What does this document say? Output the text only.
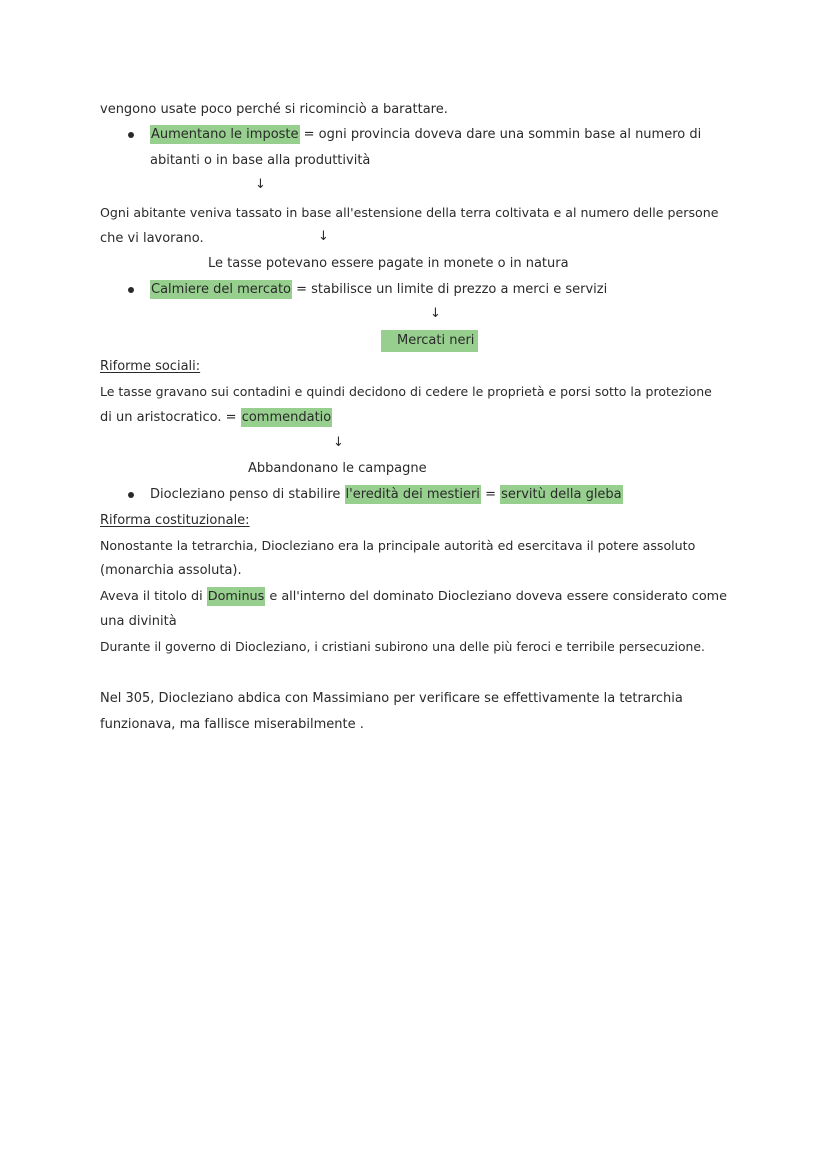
vengono usate poco perché si ricominciò a barattare.
Aumentano le imposte = ogni provincia doveva dare una sommin base al numero di
abitanti o in base alla produttività
↓
Ogni abitante veniva tassato in base all'estensione della terra coltivata e al numero delle persone
che vi lavorano.	↓
Le tasse potevano essere pagate in monete o in natura
Calmiere del mercato = stabilisce un limite di prezzo a merci e servizi
↓
Mercati neri
Riforme sociali:
Le tasse gravano sui contadini e quindi decidono di cedere le proprietà e porsi sotto la protezione
di un aristocratico. = commendatio
↓
Abbandonano le campagne
Diocleziano penso di stabilire l'eredità dei mestieri = servitù della gleba
Riforma costituzionale:
Nonostante la tetrarchia, Diocleziano era la principale autorità ed esercitava il potere assoluto
(monarchia assoluta).
Aveva il titolo di Dominus e all'interno del dominato Diocleziano doveva essere considerato come
una divinità
Durante il governo di Diocleziano, i cristiani subirono una delle più feroci e terribile persecuzione.
Nel 305, Diocleziano abdica con Massimiano per verificare se effettivamente la tetrarchia
funzionava, ma fallisce miserabilmente .
